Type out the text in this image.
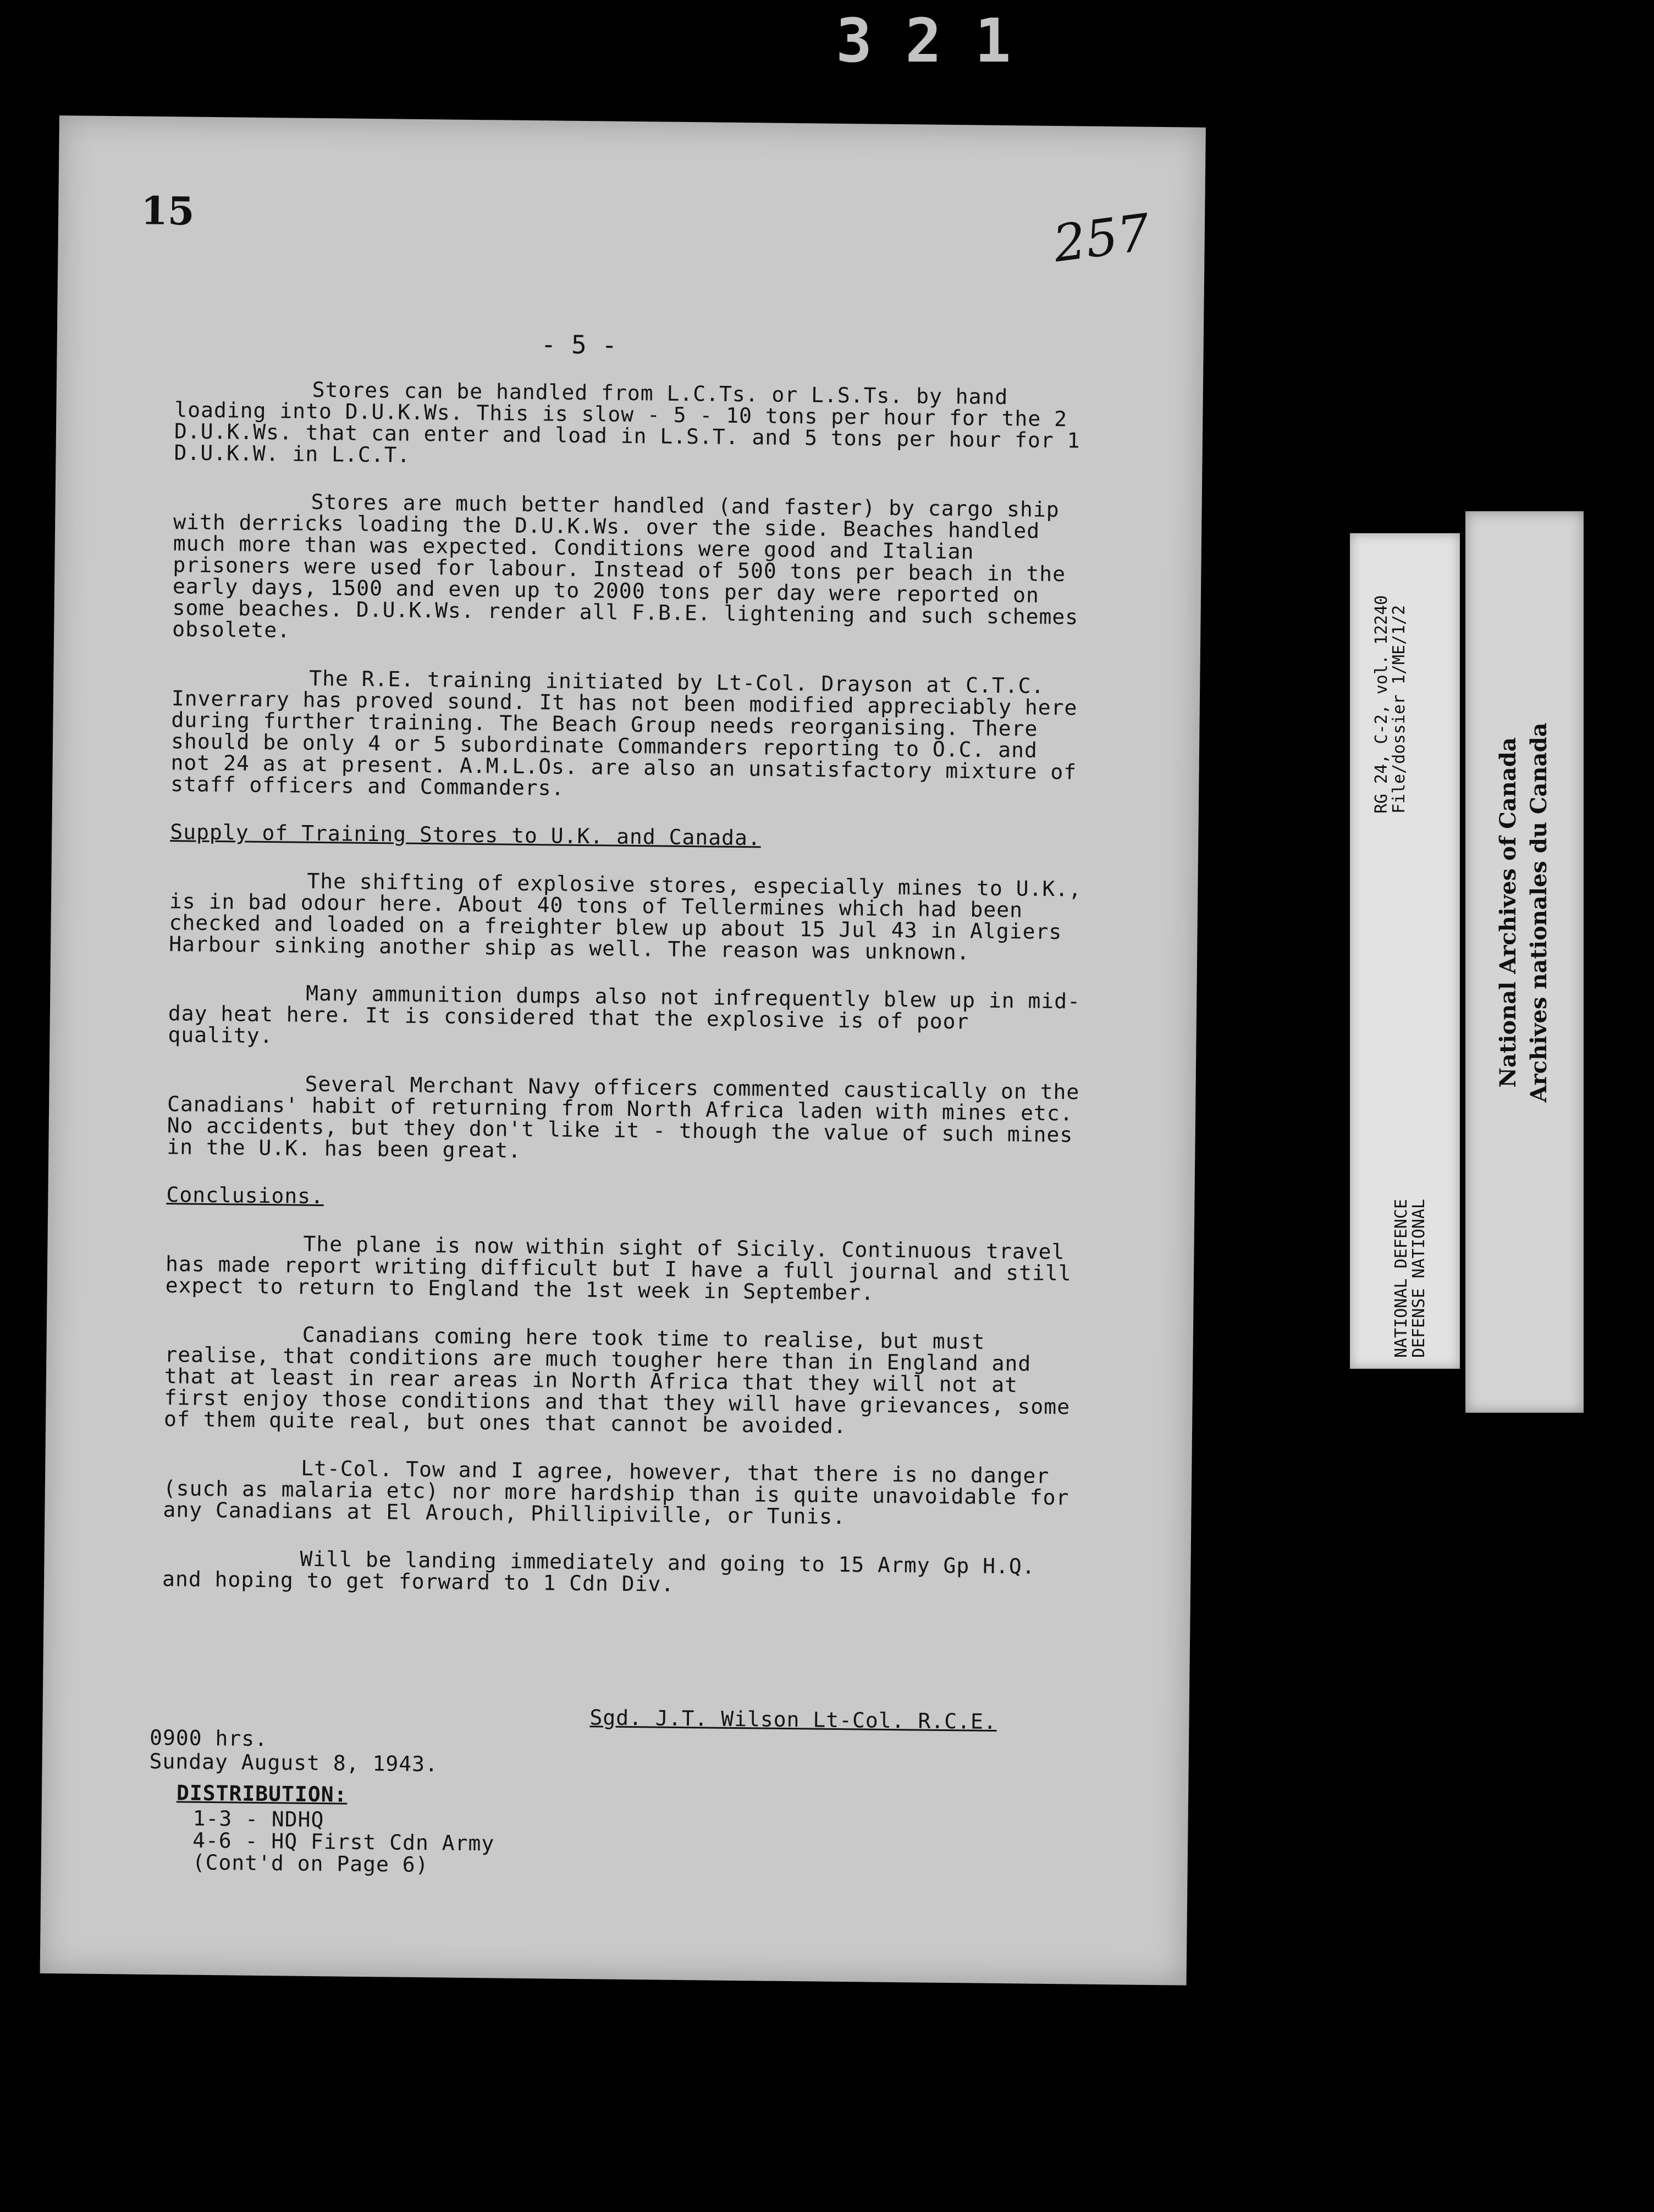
321
15	257
- 5 -

Stores can be handled from L.C.Ts. or L.S.Ts. by hand loading into D.U.K.Ws. This is slow - 5 - 10 tons per hour for the 2 D.U.K.Ws. that can enter and load in L.S.T. and 5 tons per hour for 1 D.U.K.W. in L.C.T.

Stores are much better handled (and faster) by cargo ship with derricks loading the D.U.K.Ws. over the side. Beaches handled much more than was expected. Conditions were good and Italian prisoners were used for labour. Instead of 500 tons per beach in the early days, 1500 and even up to 2000 tons per day were reported on some beaches. D.U.K.Ws. render all F.B.E. lightening and such schemes obsolete.

The R.E. training initiated by Lt-Col. Drayson at C.T.C. Inverrary has proved sound. It has not been modified appreciably here during further training. The Beach Group needs reorganising. There should be only 4 or 5 subordinate Commanders reporting to O.C. and not 24 as at present. A.M.L.Os. are also an unsatisfactory mixture of staff officers and Commanders.

Supply of Training Stores to U.K. and Canada.

The shifting of explosive stores, especially mines to U.K., is in bad odour here. About 40 tons of Tellermines which had been checked and loaded on a freighter blew up about 15 Jul 43 in Algiers Harbour sinking another ship as well. The reason was unknown.

Many ammunition dumps also not infrequently blew up in mid-day heat here. It is considered that the explosive is of poor quality.

Several Merchant Navy officers commented caustically on the Canadians' habit of returning from North Africa laden with mines etc. No accidents, but they don't like it - though the value of such mines in the U.K. has been great.

Conclusions.

The plane is now within sight of Sicily. Continuous travel has made report writing difficult but I have a full journal and still expect to return to England the 1st week in September.

Canadians coming here took time to realise, but must realise, that conditions are much tougher here than in England and that at least in rear areas in North Africa that they will not at first enjoy those conditions and that they will have grievances, some of them quite real, but ones that cannot be avoided.

Lt-Col. Tow and I agree, however, that there is no danger (such as malaria etc) nor more hardship than is quite unavoidable for any Canadians at El Arouch, Phillipiville, or Tunis.

Will be landing immediately and going to 15 Army Gp H.Q. and hoping to get forward to 1 Cdn Div.

Sgd. J.T. Wilson Lt-Col. R.C.E.
0900 hrs.
Sunday August 8, 1943.

DISTRIBUTION:

1-3 - NDHQ

4-6 - HQ First Cdn Army

(Cont'd on Page 6)

NATIONAL DEFENCE
DEFENSE NATIONAL
RG 24, C-2, vol. 12240
File/dossier 1/ME/1/2
National Archives of Canada Archives nationales du Canada
